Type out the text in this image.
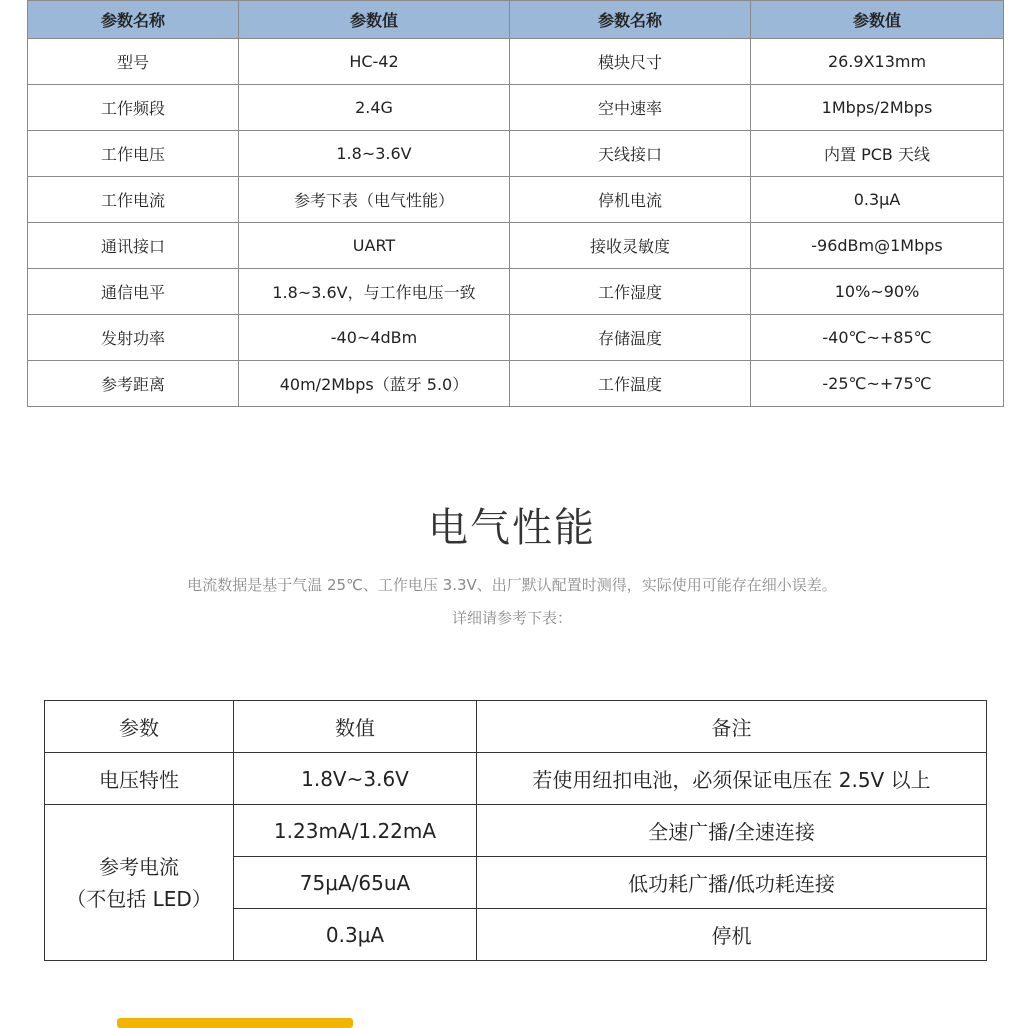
参数名称	参数值	参数名称	参数值
型号	HC-42	模块尺寸	26.9X13mm
工作频段	2.4G	空中速率	1Mbps/2Mbps
工作电压	1.8~3.6V	天线接口	内置 PCB 天线
工作电流	参考下表（电气性能）	停机电流	0.3μA
通讯接口	UART	接收灵敏度	-96dBm@1Mbps
通信电平	1.8~3.6V，与工作电压一致	工作湿度	10%~90%
发射功率	-40~4dBm	存储温度	-40℃~+85℃
参考距离	40m/2Mbps（蓝牙 5.0）	工作温度	-25℃~+75℃
电气性能
电流数据是基于气温 25℃、工作电压 3.3V、出厂默认配置时测得，实际使用可能存在细小误差。
详细请参考下表：
参数	数值	备注
电压特性	1.8V~3.6V	若使用纽扣电池，必须保证电压在 2.5V 以上

参考电流
（不包括 LED）	1.23mA/1.22mA	全速广播/全速连接
	75μA/65uA	低功耗广播/低功耗连接
	0.3μA	停机
